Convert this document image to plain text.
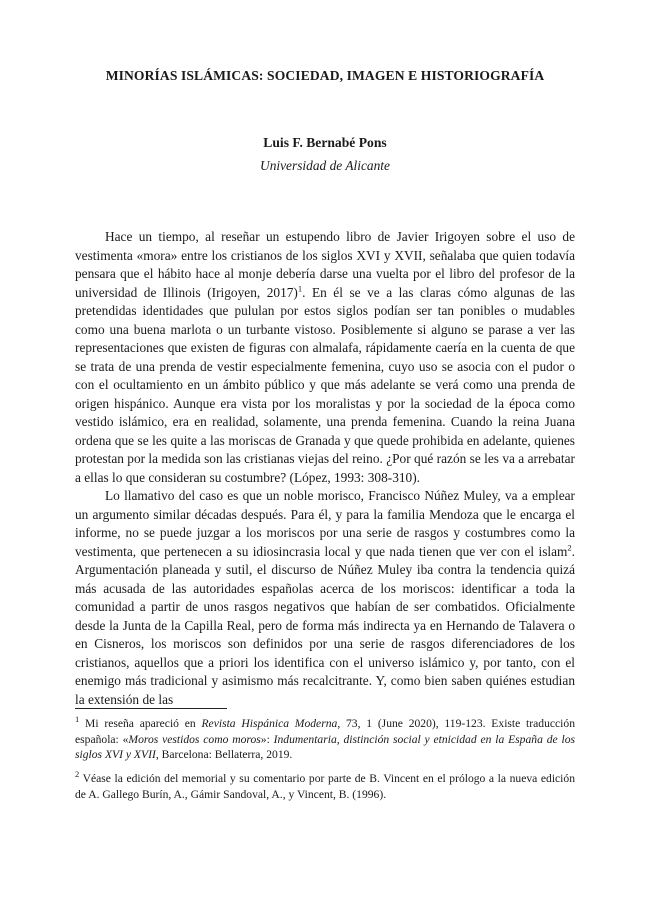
MINORÍAS ISLÁMICAS: SOCIEDAD, IMAGEN E HISTORIOGRAFÍA
Luis F. Bernabé Pons
Universidad de Alicante

Hace un tiempo, al reseñar un estupendo libro de Javier Irigoyen sobre el uso de vestimenta «mora» entre los cristianos de los siglos XVI y XVII, señalaba que quien todavía pensara que el hábito hace al monje debería darse una vuelta por el libro del profesor de la universidad de Illinois (Irigoyen, 2017)$^1$. En él se ve a las claras cómo algunas de las pretendidas identidades que pululan por estos siglos podían ser tan ponibles o mudables como una buena marlota o un turbante vistoso. Posiblemente si alguno se parase a ver las representaciones que existen de figuras con almalafa, rápidamente caería en la cuenta de que se trata de una prenda de vestir especialmente femenina, cuyo uso se asocia con el pudor o con el ocultamiento en un ámbito público y que más adelante se verá como una prenda de origen hispánico. Aunque era vista por los moralistas y por la sociedad de la época como vestido islámico, era en realidad, solamente, una prenda femenina. Cuando la reina Juana ordena que se les quite a las moriscas de Granada y que quede prohibida en adelante, quienes protestan por la medida son las cristianas viejas del reino. ¿Por qué razón se les va a arrebatar a ellas lo que consideran su costumbre? (López, 1993: 308-310).

Lo llamativo del caso es que un noble morisco, Francisco Núñez Muley, va a emplear un argumento similar décadas después. Para él, y para la familia Mendoza que le encarga el informe, no se puede juzgar a los moriscos por una serie de rasgos y costumbres como la vestimenta, que pertenecen a su idiosincrasia local y que nada tienen que ver con el islam$^2$. Argumentación planeada y sutil, el discurso de Núñez Muley iba contra la tendencia quizá más acusada de las autoridades españolas acerca de los moriscos: identificar a toda la comunidad a partir de unos rasgos negativos que habían de ser combatidos. Oficialmente desde la Junta de la Capilla Real, pero de forma más indirecta ya en Hernando de Talavera o en Cisneros, los moriscos son definidos por una serie de rasgos diferenciadores de los cristianos, aquellos que a priori los identifica con el universo islámico y, por tanto, con el enemigo más tradicional y asimismo más recalcitrante. Y, como bien saben quiénes estudian la extensión de las

$^1$ Mi reseña apareció en Revista Hispánica Moderna, 73, 1 (June 2020), 119-123. Existe traducción española: «Moros vestidos como moros»: Indumentaria, distinción social y etnicidad en la España de los siglos XVI y XVII, Barcelona: Bellaterra, 2019.

$^2$ Véase la edición del memorial y su comentario por parte de B. Vincent en el prólogo a la nueva edición de A. Gallego Burín, A., Gámir Sandoval, A., y Vincent, B. (1996).
